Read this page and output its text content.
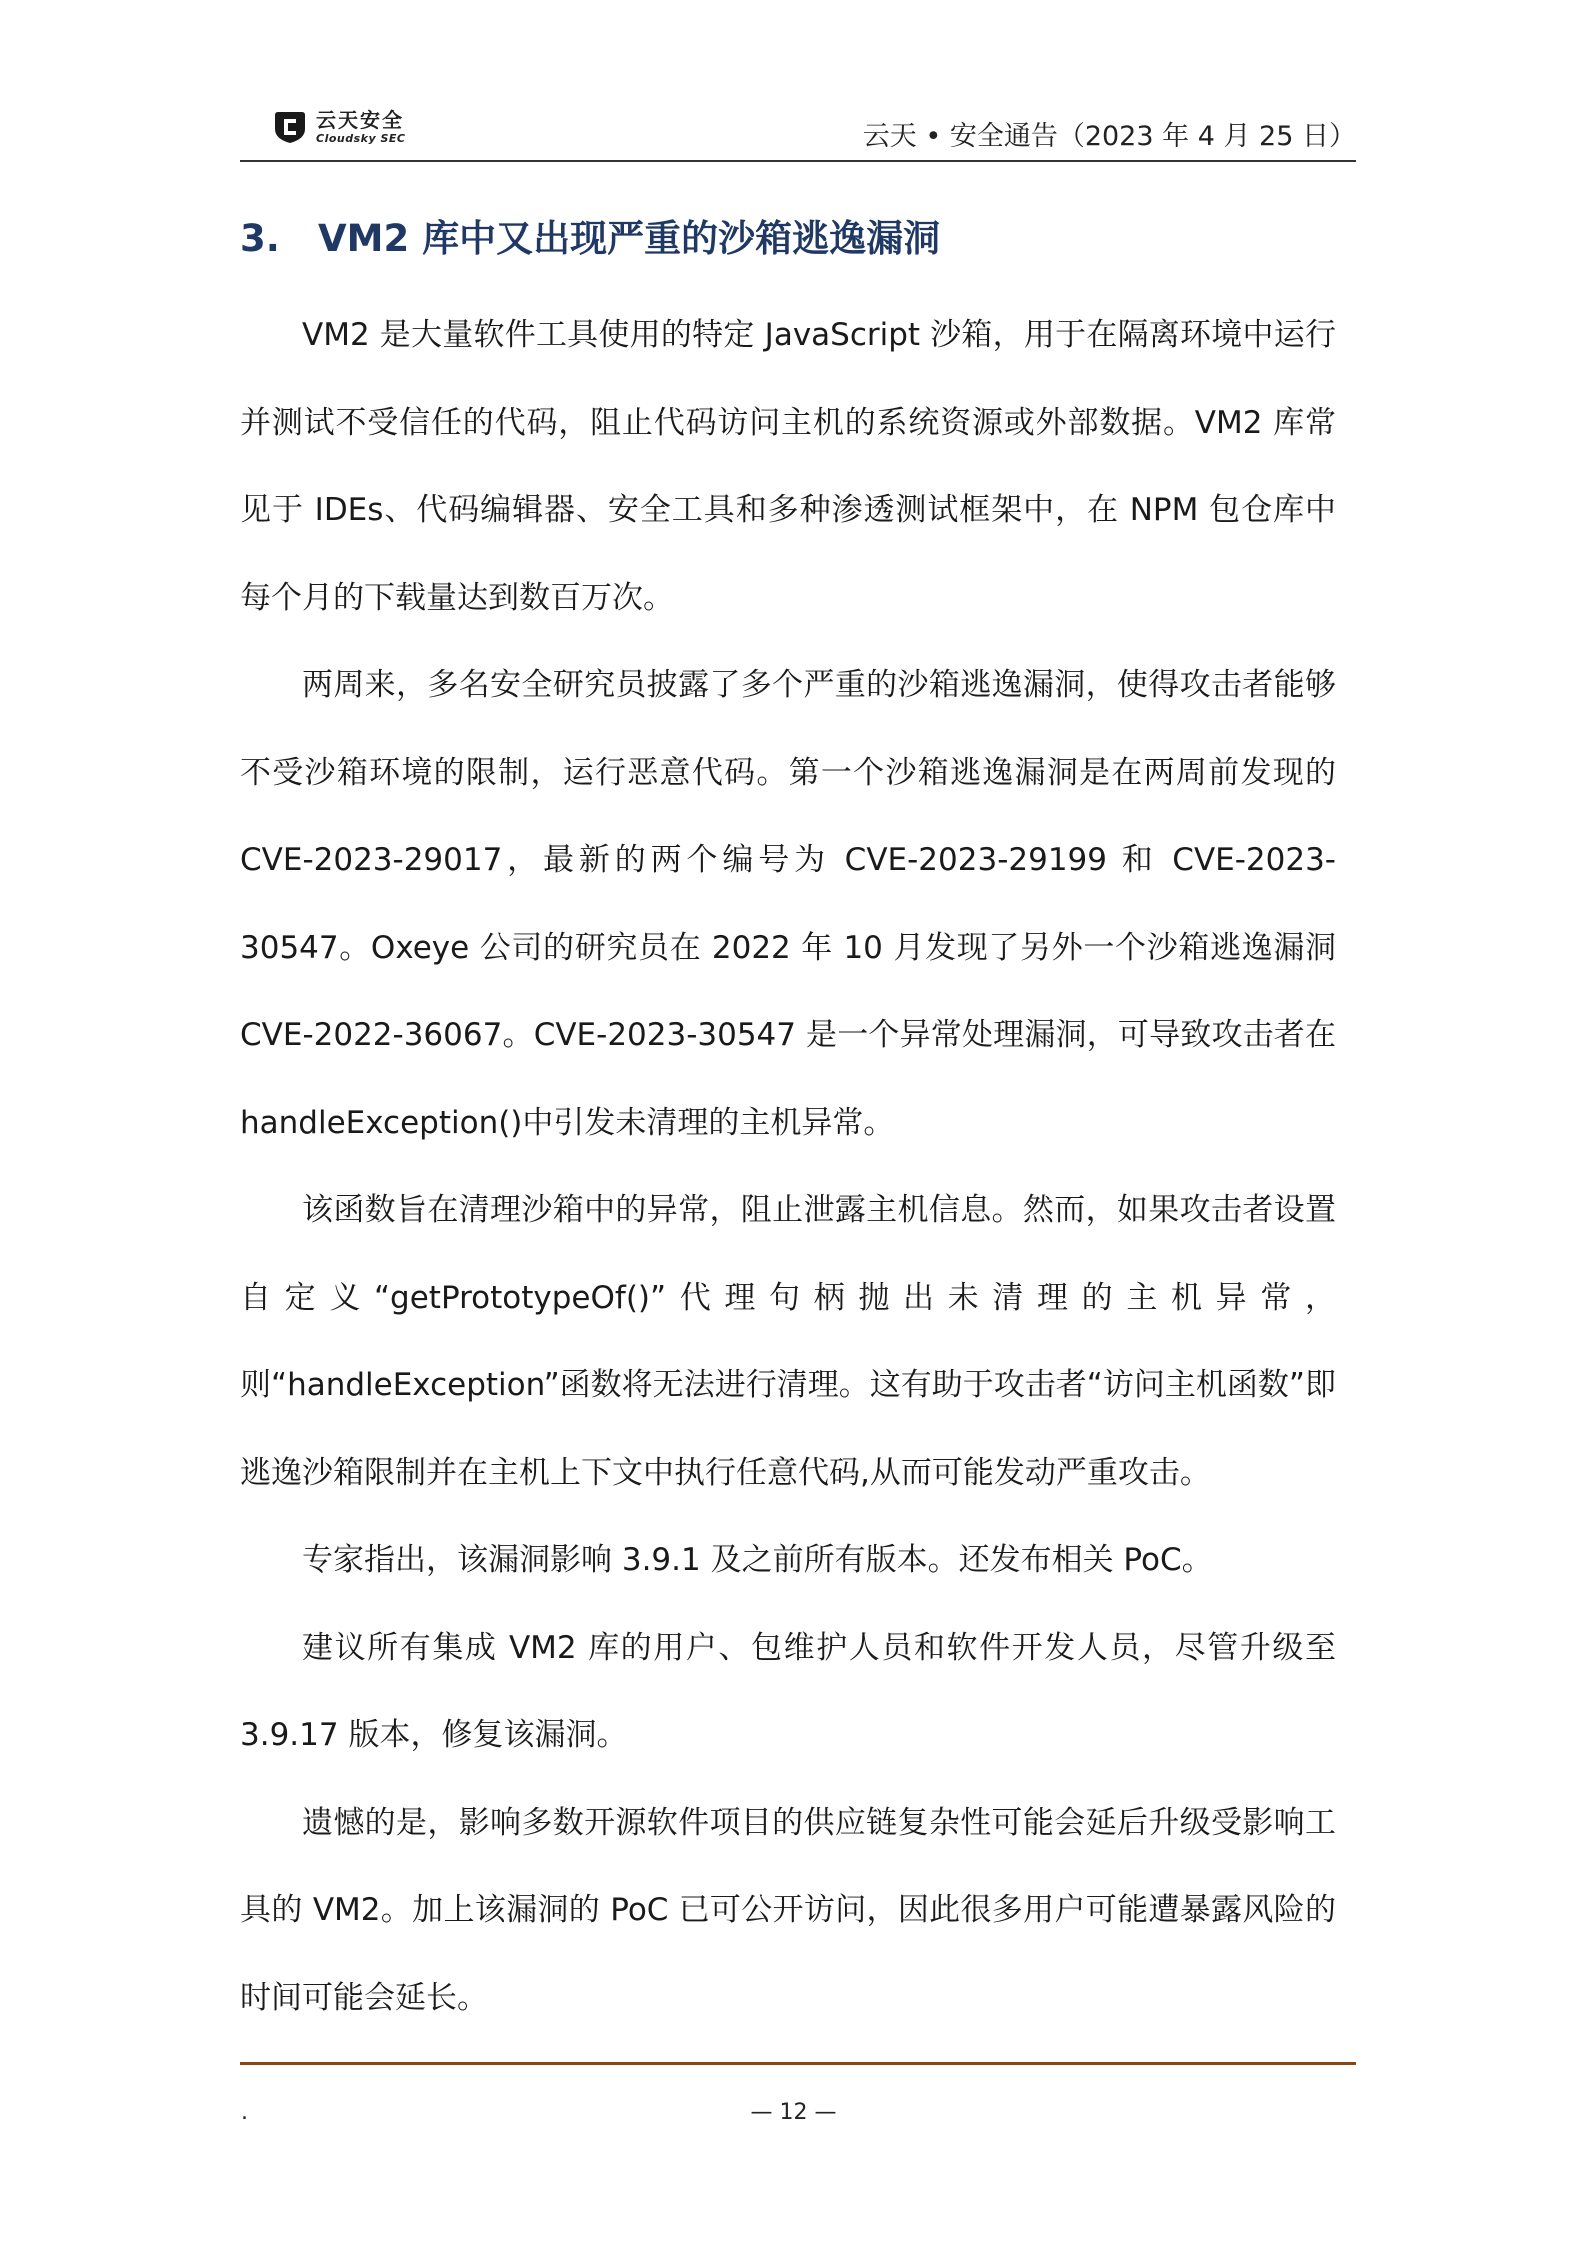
云天安全
Cloudsky SEC	云天 • 安全通告（2023 年 4 月 25 日）
3. VM2 库中又出现严重的沙箱逃逸漏洞

VM2 是大量软件工具使用的特定 JavaScript 沙箱，用于在隔离环境中运行并测试不受信任的代码，阻止代码访问主机的系统资源或外部数据。VM2 库常见于 IDEs、代码编辑器、安全工具和多种渗透测试框架中，在 NPM 包仓库中每个月的下载量达到数百万次。

两周来，多名安全研究员披露了多个严重的沙箱逃逸漏洞，使得攻击者能够不受沙箱环境的限制，运行恶意代码。第一个沙箱逃逸漏洞是在两周前发现的 CVE-2023-29017，最新的两个编号为 CVE-2023-29199 和 CVE-2023-30547。Oxeye 公司的研究员在 2022 年 10 月发现了另外一个沙箱逃逸漏洞 CVE-2022-36067。CVE-2023-30547 是一个异常处理漏洞，可导致攻击者在 handleException()中引发未清理的主机异常。

该函数旨在清理沙箱中的异常，阻止泄露主机信息。然而，如果攻击者设置自定义“getPrototypeOf()”代理句柄抛出未清理的主机异常，则“handleException”函数将无法进行清理。这有助于攻击者“访问主机函数”即逃逸沙箱限制并在主机上下文中执行任意代码,从而可能发动严重攻击。

专家指出，该漏洞影响 3.9.1 及之前所有版本。还发布相关 PoC。

建议所有集成 VM2 库的用户、包维护人员和软件开发人员，尽管升级至 3.9.17 版本，修复该漏洞。

遗憾的是，影响多数开源软件项目的供应链复杂性可能会延后升级受影响工具的 VM2。加上该漏洞的 PoC 已可公开访问，因此很多用户可能遭暴露风险的时间可能会延长。

.	— 12 —
